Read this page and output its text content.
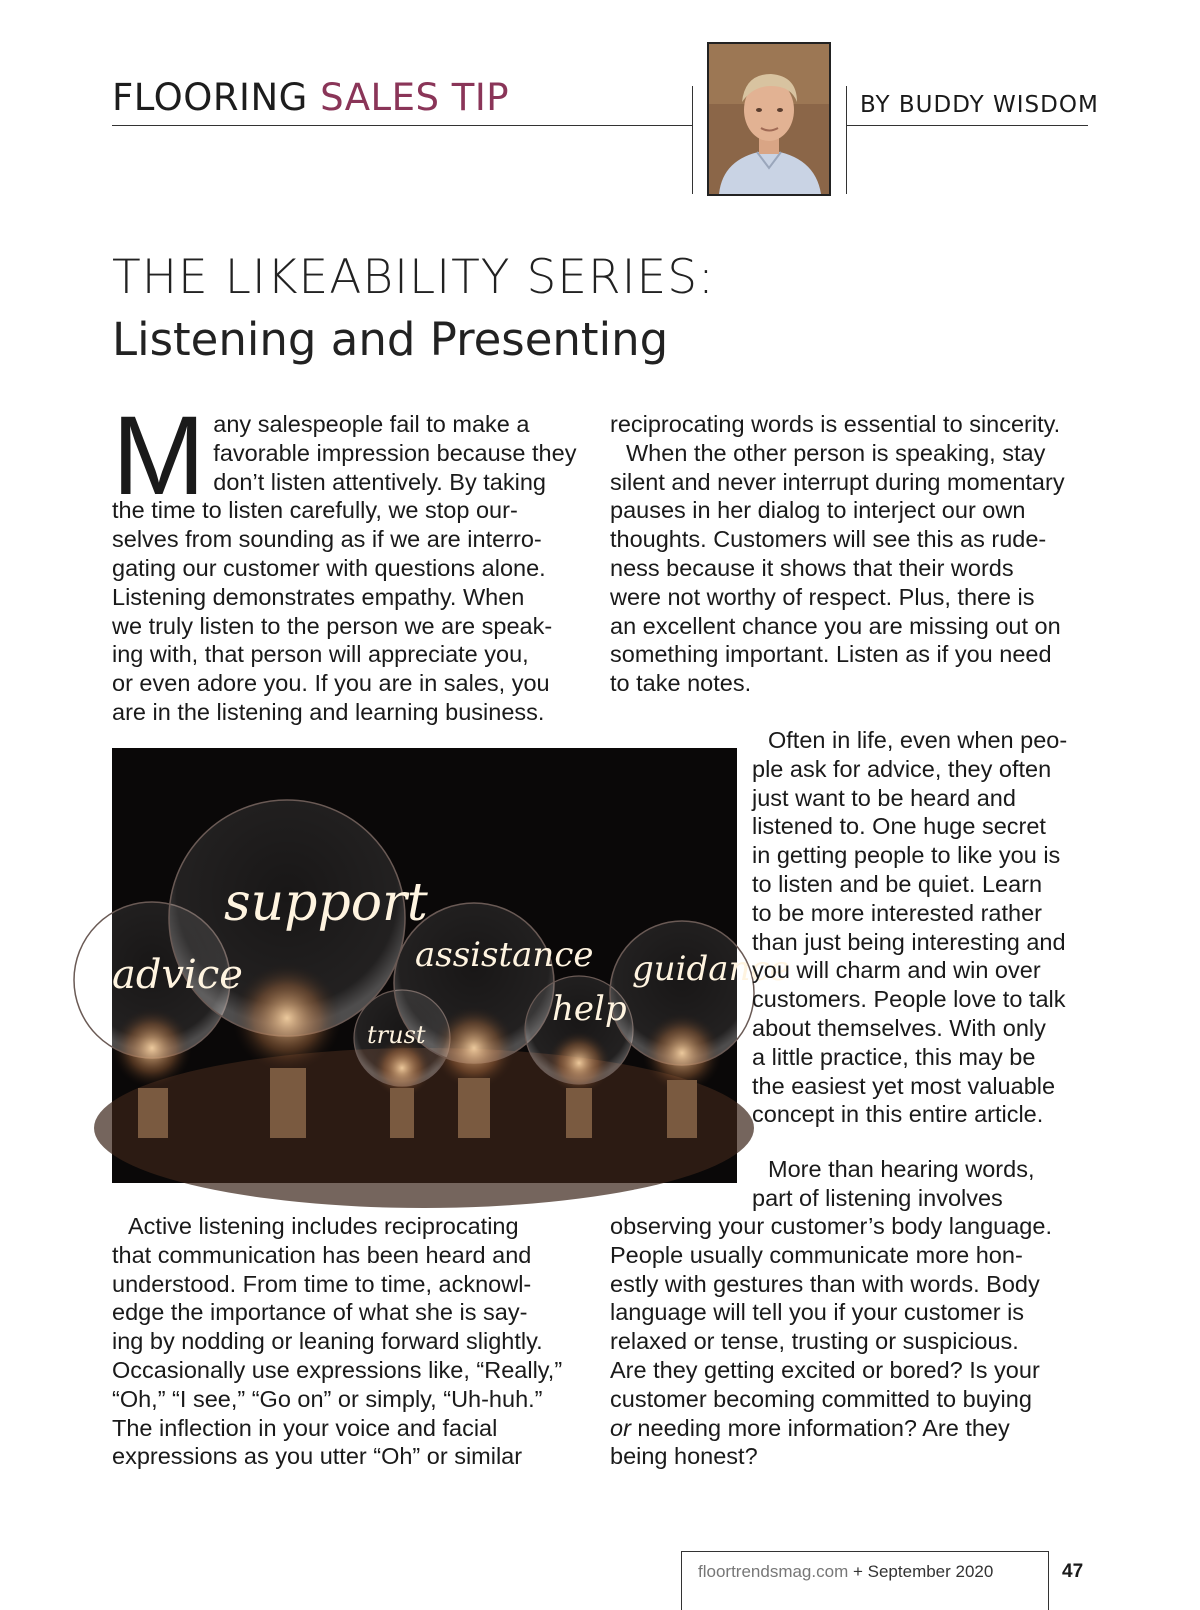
FLOORING SALES TIP	BY BUDDY WISDOM
THE LIKEABILITY SERIES:
Listening and Presenting
M any salespeople fail to make a
favorable impression because they
don’t listen attentively. By taking
the time to listen carefully, we stop our-
selves from sounding as if we are interro-
gating our customer with questions alone.
Listening demonstrates empathy. When
we truly listen to the person we are speak-
ing with, that person will appreciate you,
or even adore you. If you are in sales, you
are in the listening and learning business.
advice
support
trust
assistance
help
guidance
Active listening includes reciprocating
that communication has been heard and
understood. From time to time, acknowl-
edge the importance of what she is say-
ing by nodding or leaning forward slightly.
Occasionally use expressions like, “Really,”
“Oh,” “I see,” “Go on” or simply, “Uh-huh.”
The inflection in your voice and facial
expressions as you utter “Oh” or similar
reciprocating words is essential to sincerity.
When the other person is speaking, stay
silent and never interrupt during momentary
pauses in her dialog to interject our own
thoughts. Customers will see this as rude-
ness because it shows that their words
were not worthy of respect. Plus, there is
an excellent chance you are missing out on
something important. Listen as if you need
to take notes.
Often in life, even when peo-
ple ask for advice, they often
just want to be heard and
listened to. One huge secret
in getting people to like you is
to listen and be quiet. Learn
to be more interested rather
than just being interesting and
you will charm and win over
customers. People love to talk
about themselves. With only
a little practice, this may be
the easiest yet most valuable
concept in this entire article.
More than hearing words,
part of listening involves
observing your customer’s body language.
People usually communicate more hon-
estly with gestures than with words. Body
language will tell you if your customer is
relaxed or tense, trusting or suspicious.
Are they getting excited or bored? Is your
customer becoming committed to buying
or needing more information? Are they
being honest?
floortrendsmag.com + September 2020	47
